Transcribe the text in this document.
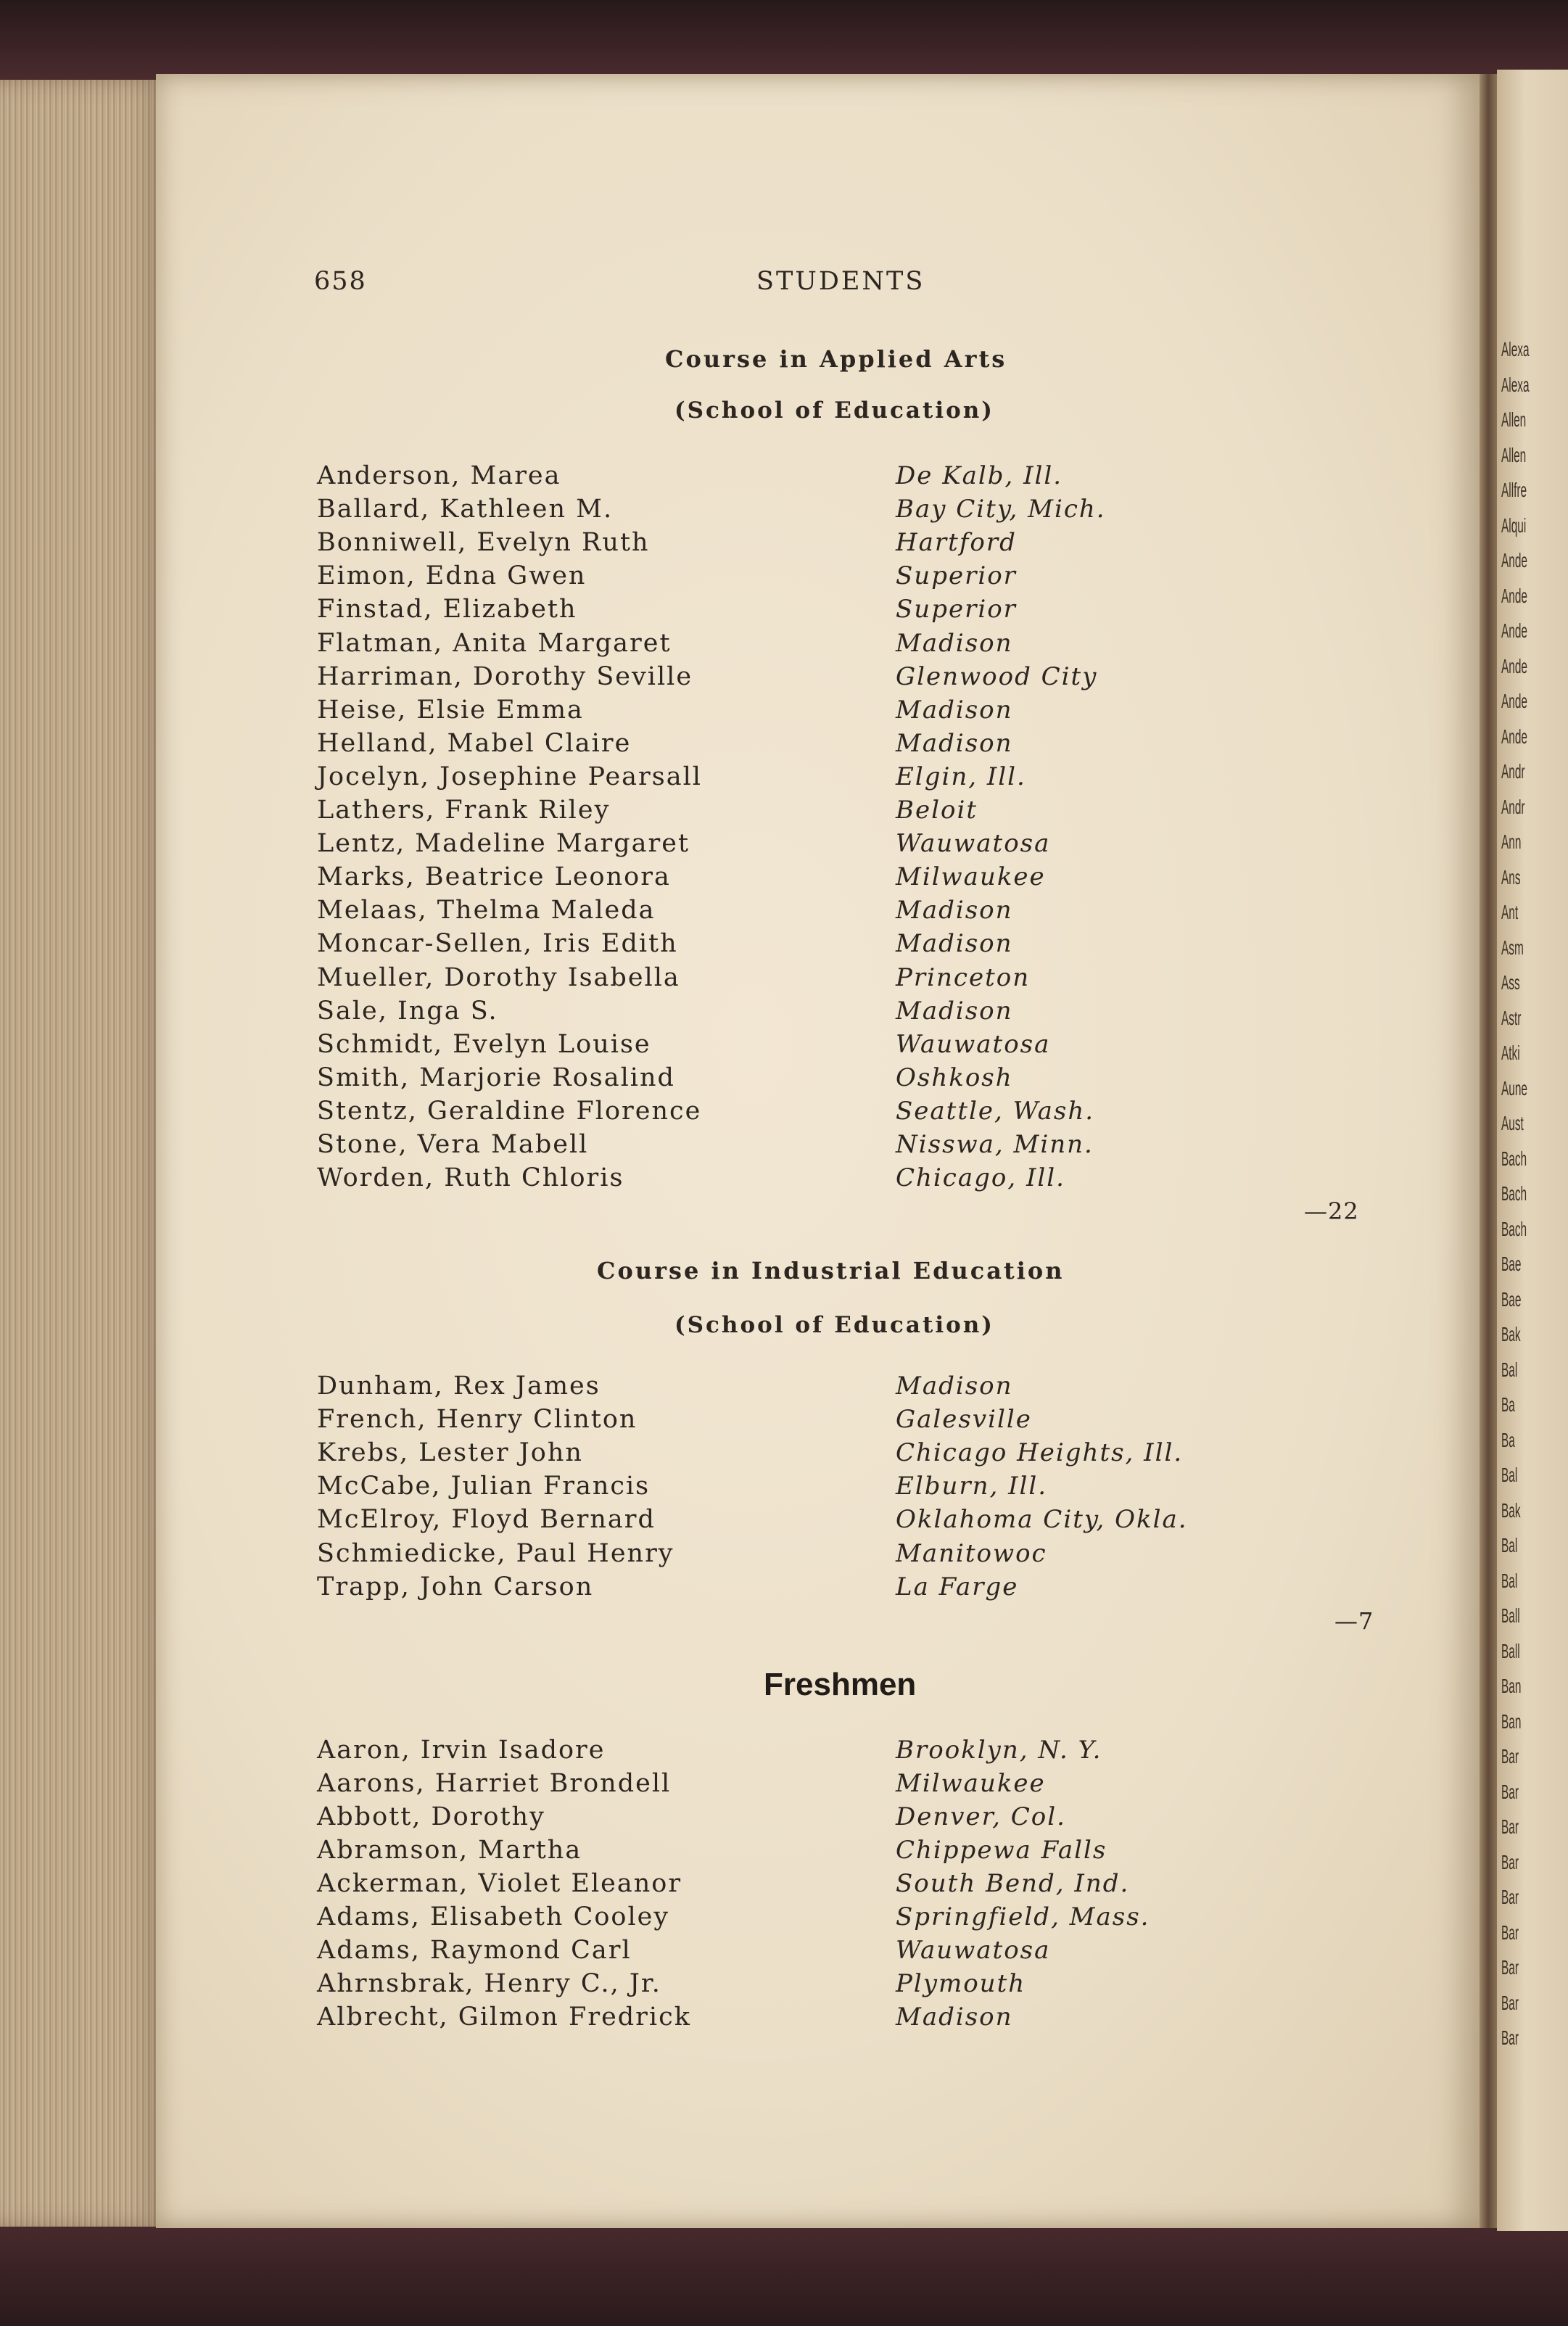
Alexa
Alexa
Allen
Allen
Allfre
Alqui
Ande
Ande
Ande
Ande
Ande
Ande
Andr
Andr
Ann
Ans
Ant
Asm
Ass
Astr
Atki
Aune
Aust
Bach
Bach
Bach
Bae
Bae
Bak
Bal
Ba
Ba
Bal
Bak
Bal
Bal
Ball
Ball
Ban
Ban
Bar
Bar
Bar
Bar
Bar
Bar
Bar
Bar
Bar
658	STUDENTS
Course in Applied Arts
(School of Education)
Anderson, Marea	De Kalb, Ill.
Ballard, Kathleen M.	Bay City, Mich.
Bonniwell, Evelyn Ruth	Hartford
Eimon, Edna Gwen	Superior
Finstad, Elizabeth	Superior
Flatman, Anita Margaret	Madison
Harriman, Dorothy Seville	Glenwood City
Heise, Elsie Emma	Madison
Helland, Mabel Claire	Madison
Jocelyn, Josephine Pearsall	Elgin, Ill.
Lathers, Frank Riley	Beloit
Lentz, Madeline Margaret	Wauwatosa
Marks, Beatrice Leonora	Milwaukee
Melaas, Thelma Maleda	Madison
Moncar-Sellen, Iris Edith	Madison
Mueller, Dorothy Isabella	Princeton
Sale, Inga S.	Madison
Schmidt, Evelyn Louise	Wauwatosa
Smith, Marjorie Rosalind	Oshkosh
Stentz, Geraldine Florence	Seattle, Wash.
Stone, Vera Mabell	Nisswa, Minn.
Worden, Ruth Chloris	Chicago, Ill.
—22
Course in Industrial Education
(School of Education)
Dunham, Rex James	Madison
French, Henry Clinton	Galesville
Krebs, Lester John	Chicago Heights, Ill.
McCabe, Julian Francis	Elburn, Ill.
McElroy, Floyd Bernard	Oklahoma City, Okla.
Schmiedicke, Paul Henry	Manitowoc
Trapp, John Carson	La Farge
—7
Freshmen
Aaron, Irvin Isadore	Brooklyn, N. Y.
Aarons, Harriet Brondell	Milwaukee
Abbott, Dorothy	Denver, Col.
Abramson, Martha	Chippewa Falls
Ackerman, Violet Eleanor	South Bend, Ind.
Adams, Elisabeth Cooley	Springfield, Mass.
Adams, Raymond Carl	Wauwatosa
Ahrnsbrak, Henry C., Jr.	Plymouth
Albrecht, Gilmon Fredrick	Madison
